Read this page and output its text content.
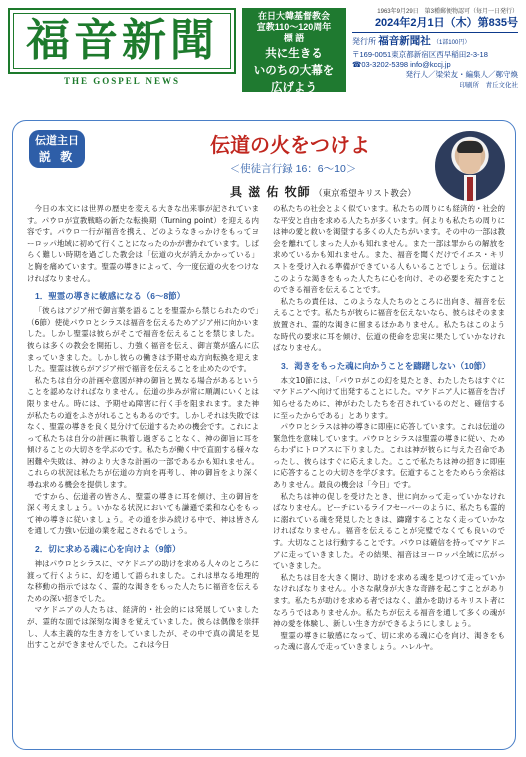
福音新聞
THE GOSPEL NEWS
在日大韓基督教会
宣教110～120周年
標 語
共に生きる
いのちの大幕を
広げよう
1963年9月29日　第3種郵便物認可（毎月一日発行）
2024年2月1日（木）第835号
発行所 福音新聞社 （1部100円）
〒169-0051東京都新宿区西早稲田2-3-18
☎03-3202-5398 info@kccj.jp
発行人／梁栄友・編集人／鄭守煥
印刷所　青丘文化社
伝道主日
説 教	伝道の火をつけよ
＜使徒言行録 16：6～10＞
具 滋 佑 牧師 （東京希望キリスト教会）

今日の本文には世界の歴史を変える大きな出来事が記されています。パウロが宣教戦略の新たな転換期（Turning point）を迎える内容です。パウロ一行が福音を携え、どのようなきっかけをもってヨーロッパ地域に初めて行くことになったのかが書かれています。しばらく難しい時期を過ごした教会は「伝道の火が消えかかっている」と胸を痛めています。聖霊の導きによって、今一度伝道の火をつけなければなりません。

1．聖霊の導きに敏感になる（6～8節）

「彼らはアジア州で御言葉を語ることを聖霊から禁じられたので」（6節）使徒パウロとシラスは福音を伝えるためアジア州に向かいました。しかし聖霊は彼らがそこで福音を伝えることを禁じました。彼らは多くの教会を開拓し、力強く福音を伝え、御言葉が盛んに広まっていきました。しかし彼らの働きは予期せぬ方向転換を迎えました。聖霊は彼らがアジア州で福音を伝えることを止めたのです。

私たちは自分の計画や意図が神の御旨と異なる場合があるということを認めなければなりません。伝道の歩みが常に順調にいくとは限りません。時には、予期せぬ障害に行く手を阻まれます。また神が私たちの道をふさがれることもあるのです。しかしそれは失敗ではなく、聖霊の導きを良く見分けて伝道するための機会です。これによって私たちは自分の計画に執着し過ぎることなく、神の御旨に耳を傾けることの大切さを学ぶのです。私たちが働く中で直面する様々な困難や失敗は、神のより大きな計画の一部であるかも知れません。これらの状況は私たちが伝道の方向を再考し、神の御旨をより深く尋ね求める機会を提供します。

ですから、伝道者の皆さん、聖霊の導きに耳を傾け、主の御旨を深く考えましょう。いかなる状況においても謙遜で柔和な心をもって神の導きに従いましょう。その道を歩み続ける中で、神は皆さんを通して力強い伝道の業を起こされるでしょう。

2．切に求める魂に心を向けよ（9節）

神はパウロとシラスに、マケドニアの助けを求める人々のところに渡って行くように、幻を通して語られました。これは単なる地理的な移動の指示ではなく、霊的な渇きをもった人たちに福音を伝えるための深い招きでした。

マケドニアの人たちは、経済的・社会的には発展していましたが、霊的な面では深刻な渇きを覚えていました。彼らは偶像を崇拝し、人本主義的な生き方をしていましたが、その中で真の満足を見出すことができませんでした。これは今日

の私たちの社会とよく似ています。私たちの周りにも経済的・社会的な平安と自由を求める人たちが多くいます。何よりも私たちの周りには神の愛と救いを渇望する多くの人たちがいます。その中の一部は教会を離れてしまった人かも知れません。また一部は罪からの解放を求めているかも知れません。また、福音を聞くだけでイエス・キリストを受け入れる準備ができている人もいることでしょう。伝道はこのような渇きをもった人たちに心を向け、その必要を充たすことのできる福音を伝えることです。

私たちの責任は、このような人たちのところに出向き、福音を伝えることです。私たちが彼らに福音を伝えないなら、彼らはそのまま放置され、霊的な渇きに留まるほかありません。私たちはこのような時代の要求に耳を傾け、伝道の使命を忠実に果たしていかなければなりません。

3．渇きをもった魂に向かうことを躊躇しない（10節）

本文10節には、「パウロがこの幻を見たとき、わたしたちはすぐにマケドニアへ向けて出発することにした。マケドニア人に福音を告げ知らせるために、神がわたしたちを召されているのだと、確信するに至ったからである」とあります。

パウロとシラスは神の導きに即座に応答しています。これは伝道の緊急性を意味しています。パウロとシラスは聖霊の導きに従い、ためらわずにトロアスに下りました。これは神が彼らに与えた召命であったし、彼らはすぐに応えました。ここで私たちは神の招きに即座に応答することの大切さを学びます。伝道することをためらう余裕はありません。最良の機会は「今日」です。

私たちは神の促しを受けたとき、世に向かって走っていかなければなりません。ビーチにいるライフセーバーのように、私たちも霊的に溺れている魂を発見したときは、躊躇することなく走っていかなければなりません。福音を伝えることが完璧でなくても良いのです。大切なことは行動することです。パウロは確信を持ってマケドニアに走っていきました。その結果、福音はヨーロッパ全域に広がっていきました。

私たちは目を大きく開け、助けを求める魂を見つけて走っていかなければなりません。小さな献身が大きな奇跡を起こすことがあります。私たちが助けを求める者ではなく、誰かを助けるキリスト者になろうではありませんか。私たちが伝える福音を通して多くの魂が神の愛を体験し、新しい生き方ができるようにしましょう。

聖霊の導きに敏感になって、切に求める魂に心を向け、渇きをもった魂に喜んで走っていきましょう。ハレルヤ。
